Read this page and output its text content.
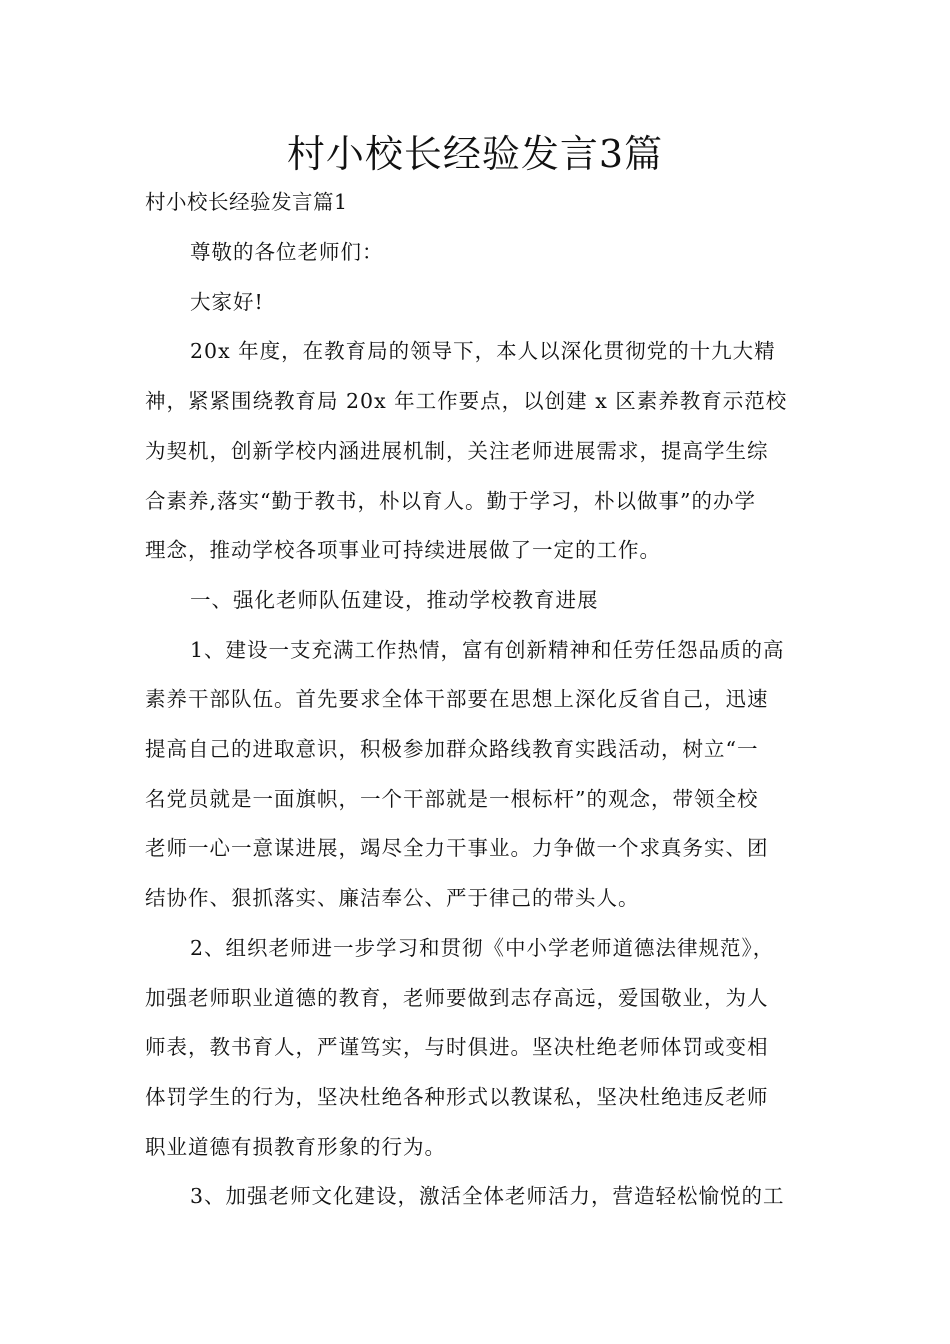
村小校长经验发言3篇

村小校长经验发言篇1

尊敬的各位老师们：

大家好!

20x 年度，在教育局的领导下，本人以深化贯彻党的十九大精

神，紧紧围绕教育局 20x 年工作要点，以创建 x 区素养教育示范校

为契机，创新学校内涵进展机制，关注老师进展需求，提高学生综

合素养,落实“勤于教书，朴以育人。勤于学习，朴以做事”的办学

理念，推动学校各项事业可持续进展做了一定的工作。

一、强化老师队伍建设，推动学校教育进展

1、建设一支充满工作热情，富有创新精神和任劳任怨品质的高

素养干部队伍。首先要求全体干部要在思想上深化反省自己，迅速

提高自己的进取意识，积极参加群众路线教育实践活动，树立“一

名党员就是一面旗帜，一个干部就是一根标杆”的观念，带领全校

老师一心一意谋进展，竭尽全力干事业。力争做一个求真务实、团

结协作、狠抓落实、廉洁奉公、严于律己的带头人。

2、组织老师进一步学习和贯彻《中小学老师道德法律规范》，

加强老师职业道德的教育，老师要做到志存高远，爱国敬业，为人

师表，教书育人，严谨笃实，与时俱进。坚决杜绝老师体罚或变相

体罚学生的行为，坚决杜绝各种形式以教谋私，坚决杜绝违反老师

职业道德有损教育形象的行为。

3、加强老师文化建设，激活全体老师活力，营造轻松愉悦的工
